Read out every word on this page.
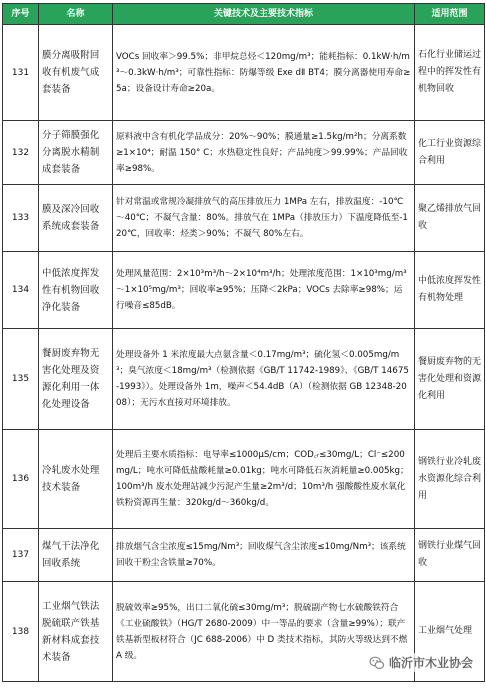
序号	名称	关键技术及主要技术指标	适用范围
131	膜分离吸附回收有机废气成套装备	VOCs 回收率＞99.5%；非甲烷总烃＜120mg/m³；能耗指标：0.1kW·h/m³～0.3kW·h/m³；可靠性指标：防爆等级 Exe dⅡ BT4；膜分离器使用寿命≥5a；设备设计寿命≥20a。	石化行业储运过程中的挥发性有机物回收
132	分子筛膜强化分离脱水精制成套装备	原料液中含有机化学品成分：20%～90%；膜通量≥1.5kg/m²h；分离系数≥1×10⁴；耐温 150° C；水热稳定性良好；产品纯度＞99.99%；产品回收率≥98%。	化工行业资源综合利用
133	膜及深冷回收系统成套装备	针对常温或常规冷凝排放气的高压排放压力 1MPa 左右，排放温度：-10℃～40℃；不凝气含量：80%。排放气在 1MPa（排放压力）下温度降低至-120℃，回收率：烃类＞90%；不凝气 80%左右。	聚乙烯排放气回收
134	中低浓度挥发性有机物回收净化装备	处理风量范围：2×10³m³/h～2×10⁴m³/h；处理浓度范围：1×10³mg/m³～1×10⁵mg/m³；回收率≥95%；压降＜2kPa；VOCs 去除率≥98%；运行噪音≤85dB。	中低浓度挥发性有机物处理
135	餐厨废弃物无害化处理及资源化利用一体化处理设备	处理设备外 1 米浓度最大点氨含量＜0.17mg/m³；硫化氢＜0.005mg/m³；臭气浓度＜18mg/m³（检测依据《GB/T 11742-1989》、《GB/T 14675-1993》）。处理设备外 1m，噪声＜54.4dB（A）（检测依据 GB 12348-2008）；无污水直接对环境排放。	餐厨废弃物的无害化处理和资源化利用
136	冷轧废水处理技术装备	处理后主要水质指标：电导率≤1000μS/cm；COD꜀ᵣ≤30mg/L；Cl⁻≤200mg/L；吨水可降低盐酸耗量≥0.01kg；吨水可降低石灰消耗量≥0.005kg；100m³/h 废水处理站减少污泥产生量≥2m³/d；10m³/h 强酸酸性废水氧化铁粉资源再生量：320kg/d～360kg/d。	钢铁行业冷轧废水资源化综合利用
137	煤气干法净化回收系统	排放烟气含尘浓度≤15mg/Nm³；回收煤气含尘浓度≤10mg/Nm³；该系统回收干粉尘含铁量≥70%。	钢铁行业煤气回收
138	工业烟气铁法脱硫联产铁基新材料成套技术装备	脱硫效率≥95%，出口二氧化硫≤30mg/m³；脱硫副产物七水硫酸铁符合《工业硫酸铁》（HG/T 2680-2009）中一等品的要求（含量≥99%）；联产铁基新型板材符合（JC 688-2006）中 D 类技术指标，其防火等级达到不燃 A 级。	工业烟气处理
临沂市木业协会
